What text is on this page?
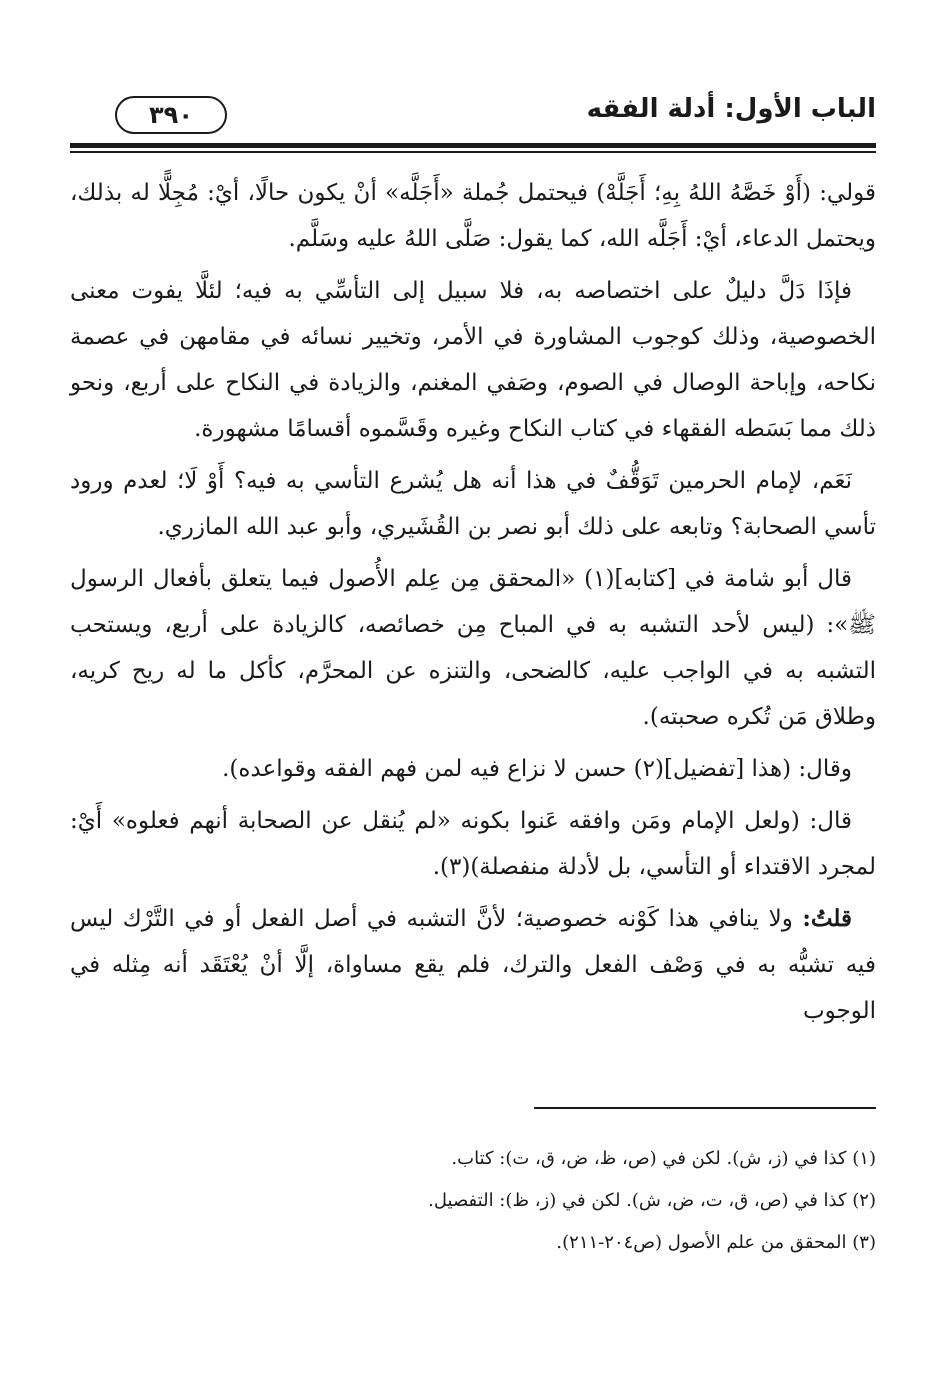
٣٩٠	الباب الأول: أدلة الفقه

قولي: (أَوْ خَصَّهُ اللهُ بِهِ؛ أَجَلَّهْ) فيحتمل جُملة «أَجَلَّه» أنْ يكون حالًا، أيْ: مُجِلًّا له بذلك، ويحتمل الدعاء، أيْ: أَجَلَّه الله، كما يقول: صَلَّى اللهُ عليه وسَلَّم.

فإذَا دَلَّ دليلٌ على اختصاصه به، فلا سبيل إلى التأسِّي به فيه؛ لئلَّا يفوت معنى الخصوصية، وذلك كوجوب المشاورة في الأمر، وتخيير نسائه في مقامهن في عصمة نكاحه، وإباحة الوصال في الصوم، وصَفي المغنم، والزيادة في النكاح على أربع، ونحو ذلك مما بَسَطه الفقهاء في كتاب النكاح وغيره وقَسَّموه أقسامًا مشهورة.

نَعَم، لإمام الحرمين تَوَقُّفٌ في هذا أنه هل يُشرع التأسي به فيه؟ أَوْ لَا؛ لعدم ورود تأسي الصحابة؟ وتابعه على ذلك أبو نصر بن القُشَيري، وأبو عبد الله المازري.

قال أبو شامة في [كتابه](١) «المحقق مِن عِلم الأُصول فيما يتعلق بأفعال الرسول ﷺ»: (ليس لأحد التشبه به في المباح مِن خصائصه، كالزيادة على أربع، ويستحب التشبه به في الواجب عليه، كالضحى، والتنزه عن المحرَّم، كأكل ما له ريح كريه، وطلاق مَن تُكره صحبته).

وقال: (هذا [تفضيل](٢) حسن لا نزاع فيه لمن فهم الفقه وقواعده).

قال: (ولعل الإمام ومَن وافقه عَنوا بكونه «لم يُنقل عن الصحابة أنهم فعلوه» أَيْ: لمجرد الاقتداء أو التأسي، بل لأدلة منفصلة)(٣).

قلتُ: ولا ينافي هذا كَوْنه خصوصية؛ لأنَّ التشبه في أصل الفعل أو في التَّرْك ليس فيه تشبُّه به في وَصْف الفعل والترك، فلم يقع مساواة، إلَّا أنْ يُعْتَقَد أنه مِثله في الوجوب

(١) كذا في (ز، ش). لكن في (ص، ظ، ض، ق، ت): كتاب.

(٢) كذا في (ص، ق، ت، ض، ش). لكن في (ز، ظ): التفصيل.

(٣) المحقق من علم الأصول (ص٢٠٤-٢١١).
